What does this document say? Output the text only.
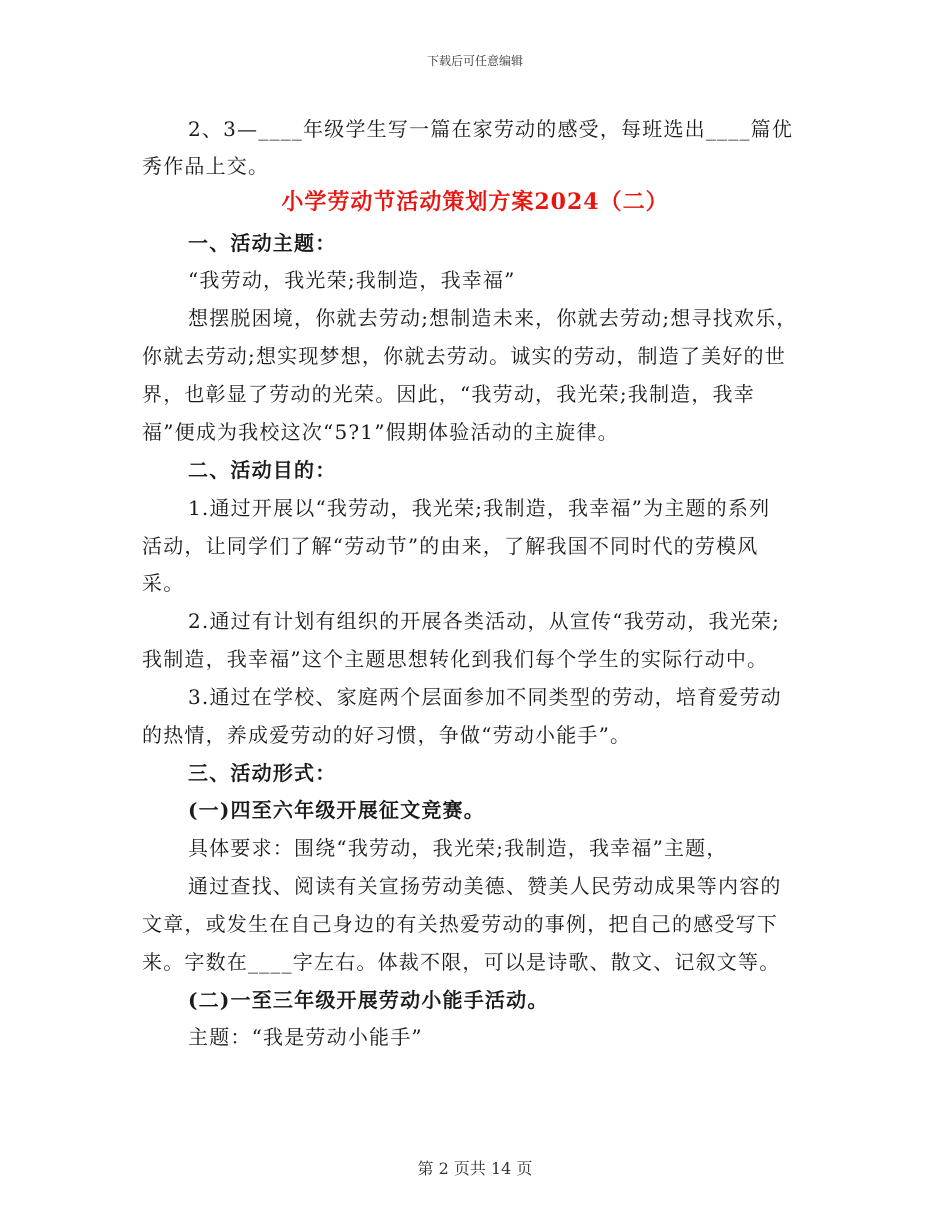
下载后可任意编辑
2、3—____年级学生写一篇在家劳动的感受，每班选出____篇优
秀作品上交。
小学劳动节活动策划方案2024（二）
一、活动主题：
“我劳动，我光荣;我制造，我幸福”
想摆脱困境，你就去劳动;想制造未来，你就去劳动;想寻找欢乐，
你就去劳动;想实现梦想，你就去劳动。诚实的劳动，制造了美好的世
界，也彰显了劳动的光荣。因此，“我劳动，我光荣;我制造，我幸
福”便成为我校这次“5?1”假期体验活动的主旋律。
二、活动目的：
1.通过开展以“我劳动，我光荣;我制造，我幸福”为主题的系列
活动，让同学们了解“劳动节”的由来，了解我国不同时代的劳模风
采。
2.通过有计划有组织的开展各类活动，从宣传“我劳动，我光荣;
我制造，我幸福”这个主题思想转化到我们每个学生的实际行动中。
3.通过在学校、家庭两个层面参加不同类型的劳动，培育爱劳动
的热情，养成爱劳动的好习惯，争做“劳动小能手”。
三、活动形式：
(一)四至六年级开展征文竞赛。
具体要求：围绕“我劳动，我光荣;我制造，我幸福”主题，
通过查找、阅读有关宣扬劳动美德、赞美人民劳动成果等内容的
文章，或发生在自己身边的有关热爱劳动的事例，把自己的感受写下
来。字数在____字左右。体裁不限，可以是诗歌、散文、记叙文等。
(二)一至三年级开展劳动小能手活动。
主题：“我是劳动小能手”
第 2 页共 14 页
